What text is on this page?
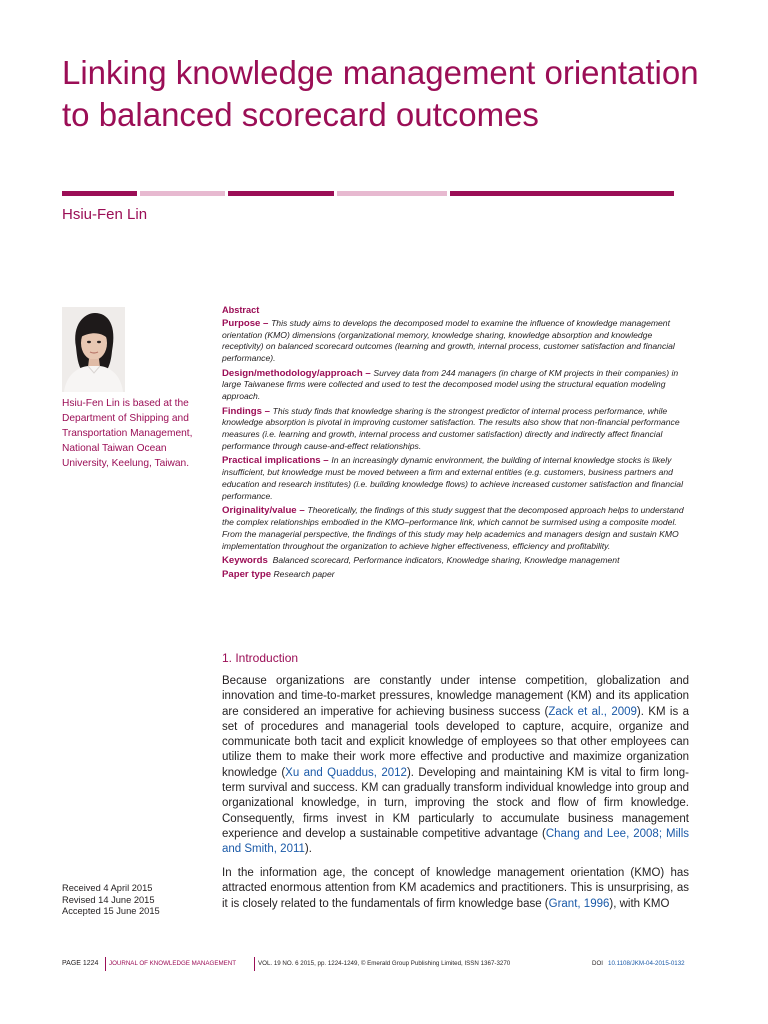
Linking knowledge management orientation to balanced scorecard outcomes

Hsiu-Fen Lin

Hsiu-Fen Lin is based at the Department of Shipping and Transportation Management, National Taiwan Ocean University, Keelung, Taiwan.

Received 4 April 2015
Revised 14 June 2015
Accepted 15 June 2015
Abstract

Purpose – This study aims to develops the decomposed model to examine the influence of knowledge management orientation (KMO) dimensions (organizational memory, knowledge sharing, knowledge absorption and knowledge receptivity) on balanced scorecard outcomes (learning and growth, internal process, customer satisfaction and financial performance).

Design/methodology/approach – Survey data from 244 managers (in charge of KM projects in their companies) in large Taiwanese firms were collected and used to test the decomposed model using the structural equation modeling approach.

Findings – This study finds that knowledge sharing is the strongest predictor of internal process performance, while knowledge absorption is pivotal in improving customer satisfaction. The results also show that non-financial performance measures (i.e. learning and growth, internal process and customer satisfaction) directly and indirectly affect financial performance through cause-and-effect relationships.

Practical implications – In an increasingly dynamic environment, the building of internal knowledge stocks is likely insufficient, but knowledge must be moved between a firm and external entities (e.g. customers, business partners and education and research institutes) (i.e. building knowledge flows) to achieve increased customer satisfaction and financial performance.

Originality/value – Theoretically, the findings of this study suggest that the decomposed approach helps to understand the complex relationships embodied in the KMO–performance link, which cannot be surmised using a composite model. From the managerial perspective, the findings of this study may help academics and managers design and sustain KMO implementation throughout the organization to achieve higher effectiveness, efficiency and profitability.

Keywords Balanced scorecard, Performance indicators, Knowledge sharing, Knowledge management

Paper type Research paper

1. Introduction

Because organizations are constantly under intense competition, globalization and innovation and time-to-market pressures, knowledge management (KM) and its application are considered an imperative for achieving business success (Zack et al., 2009). KM is a set of procedures and managerial tools developed to capture, acquire, organize and communicate both tacit and explicit knowledge of employees so that other employees can utilize them to make their work more effective and productive and maximize organization knowledge (Xu and Quaddus, 2012). Developing and maintaining KM is vital to firm long-term survival and success. KM can gradually transform individual knowledge into group and organizational knowledge, in turn, improving the stock and flow of firm knowledge. Consequently, firms invest in KM particularly to accumulate business management experience and develop a sustainable competitive advantage (Chang and Lee, 2008; Mills and Smith, 2011).

In the information age, the concept of knowledge management orientation (KMO) has attracted enormous attention from KM academics and practitioners. This is unsurprising, as it is closely related to the fundamentals of firm knowledge base (Grant, 1996), with KMO

PAGE 1224 JOURNAL OF KNOWLEDGE MANAGEMENT	VOL. 19 NO. 6 2015, pp. 1224-1249, © Emerald Group Publishing Limited, ISSN 1367-3270	DOI 10.1108/JKM-04-2015-0132
